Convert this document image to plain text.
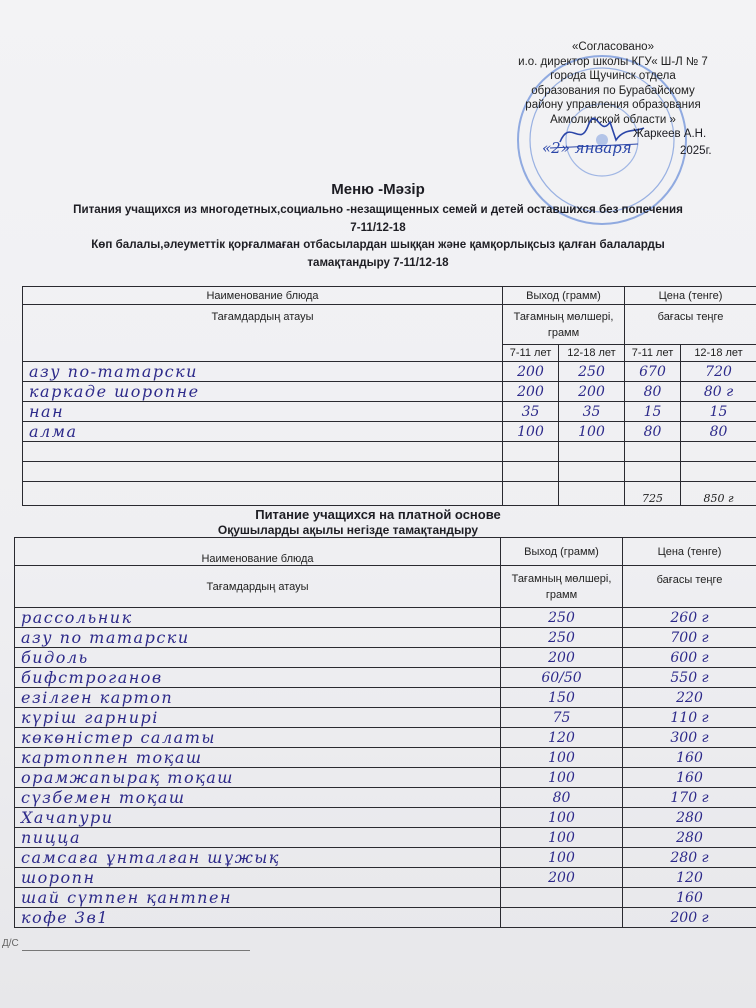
«Согласовано»
и.о. директор школы КГУ« Ш-Л № 7
города Щучинск отдела
образования по Бурабайскому
району управления образования
Акмолинской области »
Жаркеев А.Н.
«2» января	2025г.
Меню -Мәзір
Питания учащихся из многодетных,социально -незащищенных семей и детей оставшихся без попечения
7-11/12-18
Көп балалы,әлеуметтік қорғалмаған отбасылардан шыққан және қамқорлықсыз қалған балаларды
тамақтандыру 7-11/12-18
Наименование блюда	Выход (грамм)		Цена (тенге)	
Тағамдардың атауы	Тағамның мөлшері, грамм		бағасы теңге	
	7-11 лет	12-18 лет	7-11 лет	12-18 лет
азу по-татарски	200	250	670	720
каркаде шоропне	200	200	80	80 г
нан	35	35	15	15
алма	100	100	80	80

			725	850 г
Питание учащихся на платной основе
Оқушыларды ақылы негізде тамақтандыру
Наименование блюда	Выход (грамм)	Цена (тенге)
Тағамдардың атауы	Тағамның мөлшері, грамм	бағасы теңге
рассольник	250	260 г
азу по татарски	250	700 г
бидоль	200	600 г
бифстроганов	60/50	550 г
езілген картоп	150	220
күріш гарнирі	75	110 г
көкөністер салаты	120	300 г
картоппен тоқаш	100	160
орамжапырақ тоқаш	100	160
сүзбемен тоқаш	80	170 г
Хачапури	100	280
пицца	100	280
самсаға ұнталған шұжық	100	280 г
шоропн	200	120
шай сүтпен қантпен		160
кофе 3в1		200 г
Д/С
